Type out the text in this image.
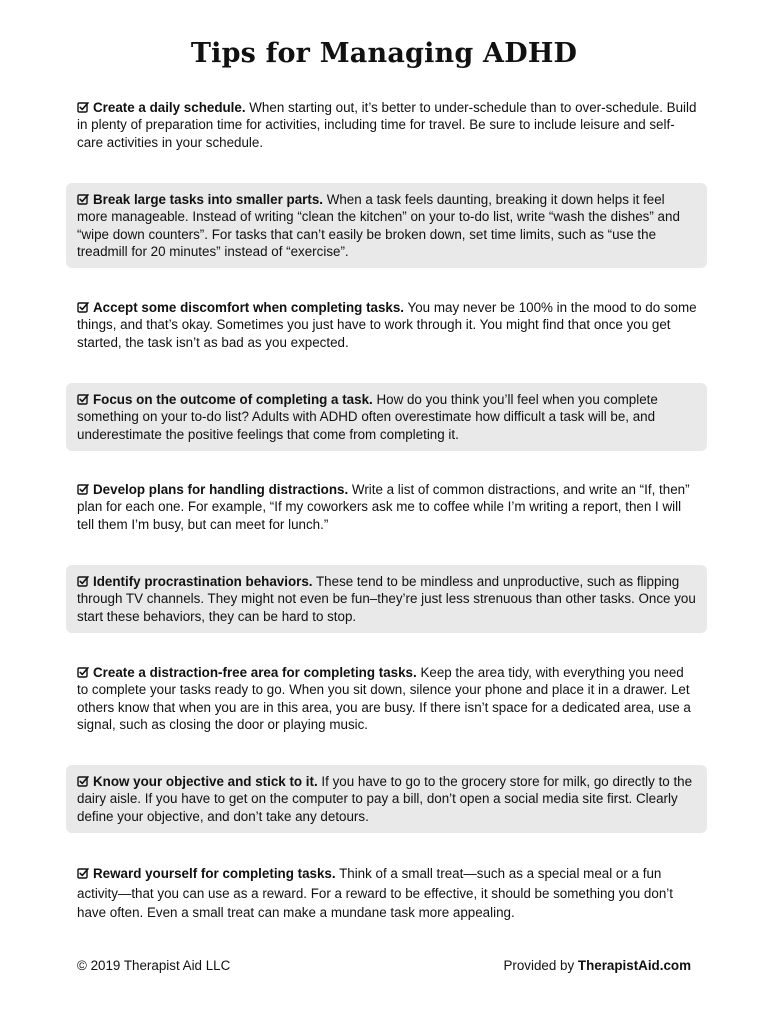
Tips for Managing ADHD
Create a daily schedule. When starting out, it’s better to under-schedule than to over-schedule. Build in plenty of preparation time for activities, including time for travel. Be sure to include leisure and self-care activities in your schedule.
Break large tasks into smaller parts. When a task feels daunting, breaking it down helps it feel more manageable. Instead of writing “clean the kitchen” on your to-do list, write “wash the dishes” and “wipe down counters”. For tasks that can’t easily be broken down, set time limits, such as “use the treadmill for 20 minutes” instead of “exercise”.
Accept some discomfort when completing tasks. You may never be 100% in the mood to do some things, and that’s okay. Sometimes you just have to work through it. You might find that once you get started, the task isn’t as bad as you expected.
Focus on the outcome of completing a task. How do you think you’ll feel when you complete something on your to-do list? Adults with ADHD often overestimate how difficult a task will be, and underestimate the positive feelings that come from completing it.
Develop plans for handling distractions. Write a list of common distractions, and write an “If, then” plan for each one. For example, “If my coworkers ask me to coffee while I’m writing a report, then I will tell them I’m busy, but can meet for lunch.”
Identify procrastination behaviors. These tend to be mindless and unproductive, such as flipping through TV channels. They might not even be fun–they’re just less strenuous than other tasks. Once you start these behaviors, they can be hard to stop.
Create a distraction-free area for completing tasks. Keep the area tidy, with everything you need to complete your tasks ready to go. When you sit down, silence your phone and place it in a drawer. Let others know that when you are in this area, you are busy. If there isn’t space for a dedicated area, use a signal, such as closing the door or playing music.
Know your objective and stick to it. If you have to go to the grocery store for milk, go directly to the dairy aisle. If you have to get on the computer to pay a bill, don’t open a social media site first. Clearly define your objective, and don’t take any detours.
Reward yourself for completing tasks. Think of a small treat—such as a special meal or a fun activity—that you can use as a reward. For a reward to be effective, it should be something you don’t have often. Even a small treat can make a mundane task more appealing.
© 2019 Therapist Aid LLC	Provided by TherapistAid.com
